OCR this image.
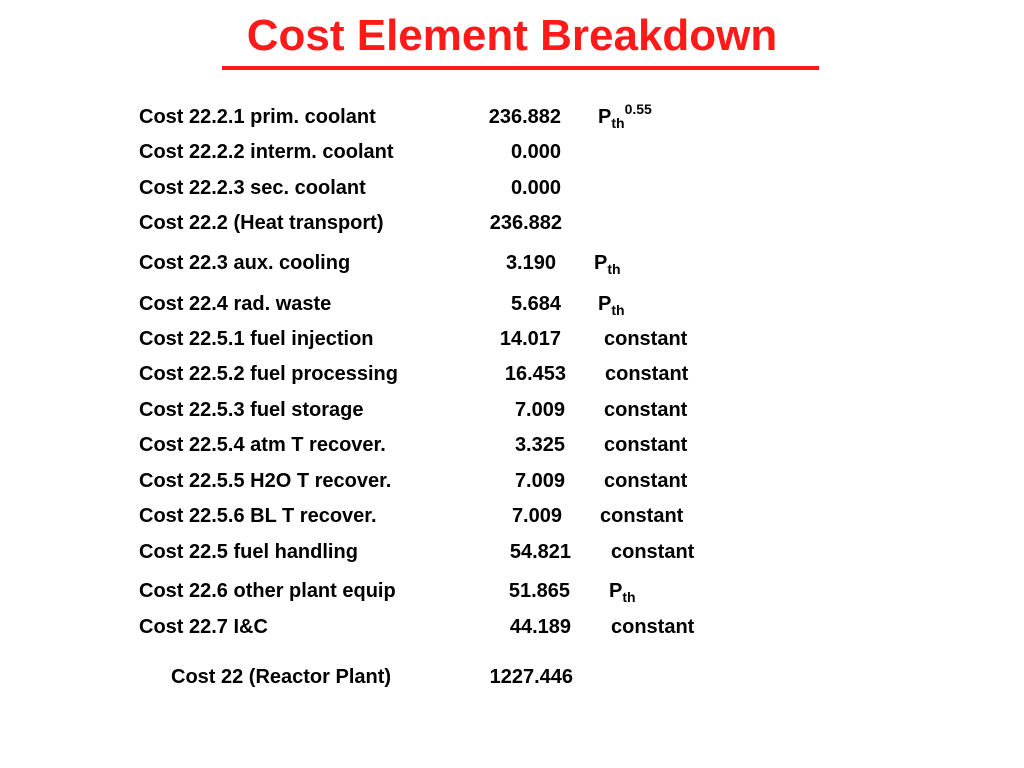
Cost Element Breakdown
Cost 22.2.1 prim. coolant	236.882 $P_{th}^{0.55}$
Cost 22.2.2 interm. coolant	0.000
Cost 22.2.3 sec. coolant	0.000
Cost 22.2 (Heat transport)	236.882
Cost 22.3 aux. cooling	3.190 $P_{th}$
Cost 22.4 rad. waste	5.684 $P_{th}$
Cost 22.5.1 fuel injection	14.017 constant
Cost 22.5.2 fuel processing	16.453 constant
Cost 22.5.3 fuel storage	7.009 constant
Cost 22.5.4 atm T recover.	3.325 constant
Cost 22.5.5 H2O T recover.	7.009 constant
Cost 22.5.6 BL T recover.	7.009 constant
Cost 22.5 fuel handling	54.821 constant
Cost 22.6 other plant equip	51.865 $P_{th}$
Cost 22.7 I&C	44.189 constant
Cost 22 (Reactor Plant)	1227.446
